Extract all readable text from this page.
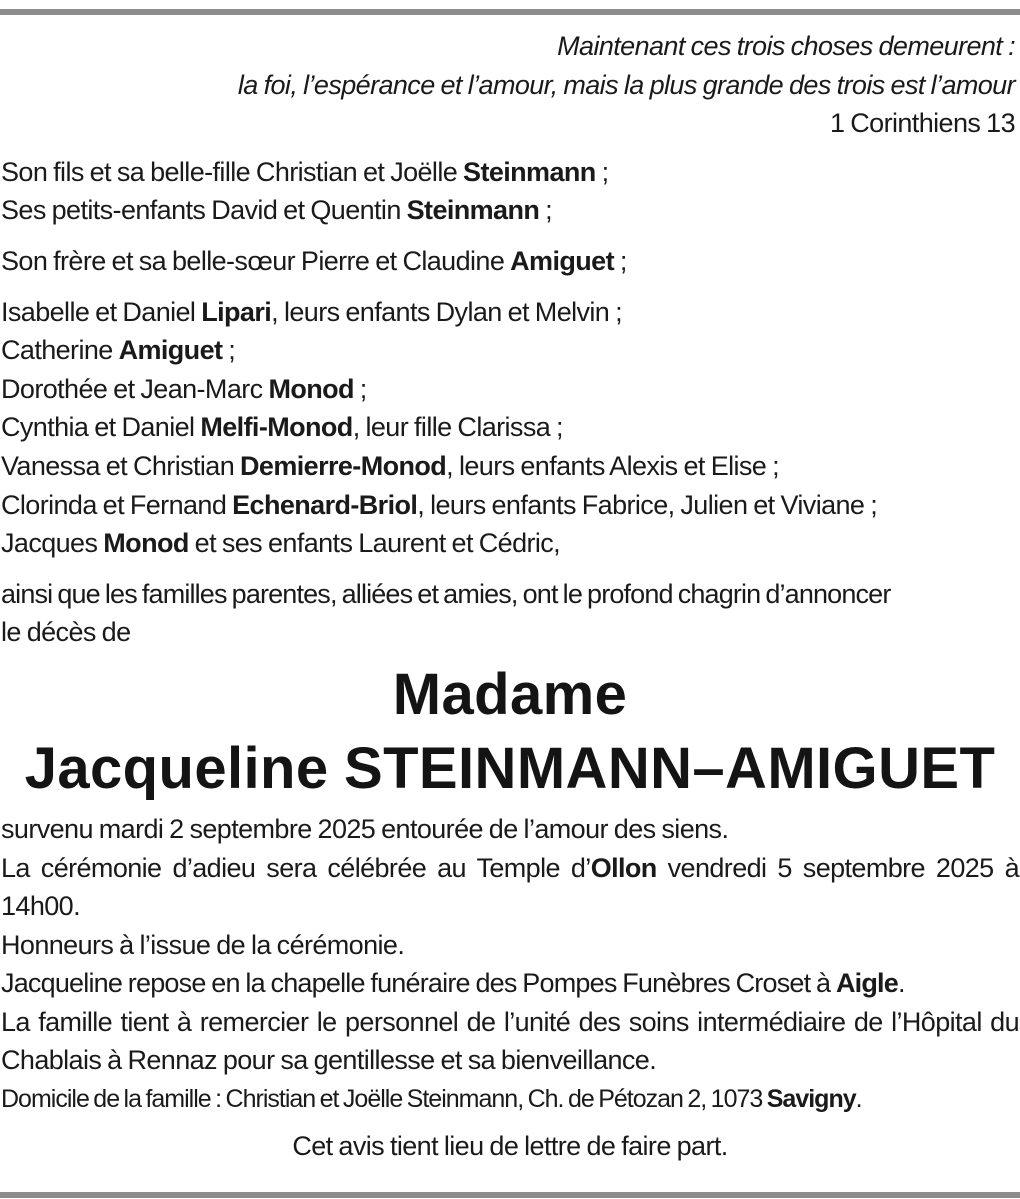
Maintenant ces trois choses demeurent :
la foi, l’espérance et l’amour, mais la plus grande des trois est l’amour
1 Corinthiens 13
Son fils et sa belle-fille Christian et Joëlle Steinmann ;
Ses petits-enfants David et Quentin Steinmann ;
Son frère et sa belle-sœur Pierre et Claudine Amiguet ;
Isabelle et Daniel Lipari, leurs enfants Dylan et Melvin ;
Catherine Amiguet ;
Dorothée et Jean-Marc Monod ;
Cynthia et Daniel Melfi-Monod, leur fille Clarissa ;
Vanessa et Christian Demierre-Monod, leurs enfants Alexis et Elise ;
Clorinda et Fernand Echenard-Briol, leurs enfants Fabrice, Julien et Viviane ;
Jacques Monod et ses enfants Laurent et Cédric,
ainsi que les familles parentes, alliées et amies, ont le profond chagrin d’annoncer
le décès de
Madame
Jacqueline STEINMANN–AMIGUET
survenu mardi 2 septembre 2025 entourée de l’amour des siens.
La cérémonie d’adieu sera célébrée au Temple d’Ollon vendredi 5 septembre 2025 à 14h00.
Honneurs à l’issue de la cérémonie.
Jacqueline repose en la chapelle funéraire des Pompes Funèbres Croset à Aigle.
La famille tient à remercier le personnel de l’unité des soins intermédiaire de l’Hôpital du Chablais à Rennaz pour sa gentillesse et sa bienveillance.
Domicile de la famille : Christian et Joëlle Steinmann, Ch. de Pétozan 2, 1073 Savigny.
Cet avis tient lieu de lettre de faire part.
